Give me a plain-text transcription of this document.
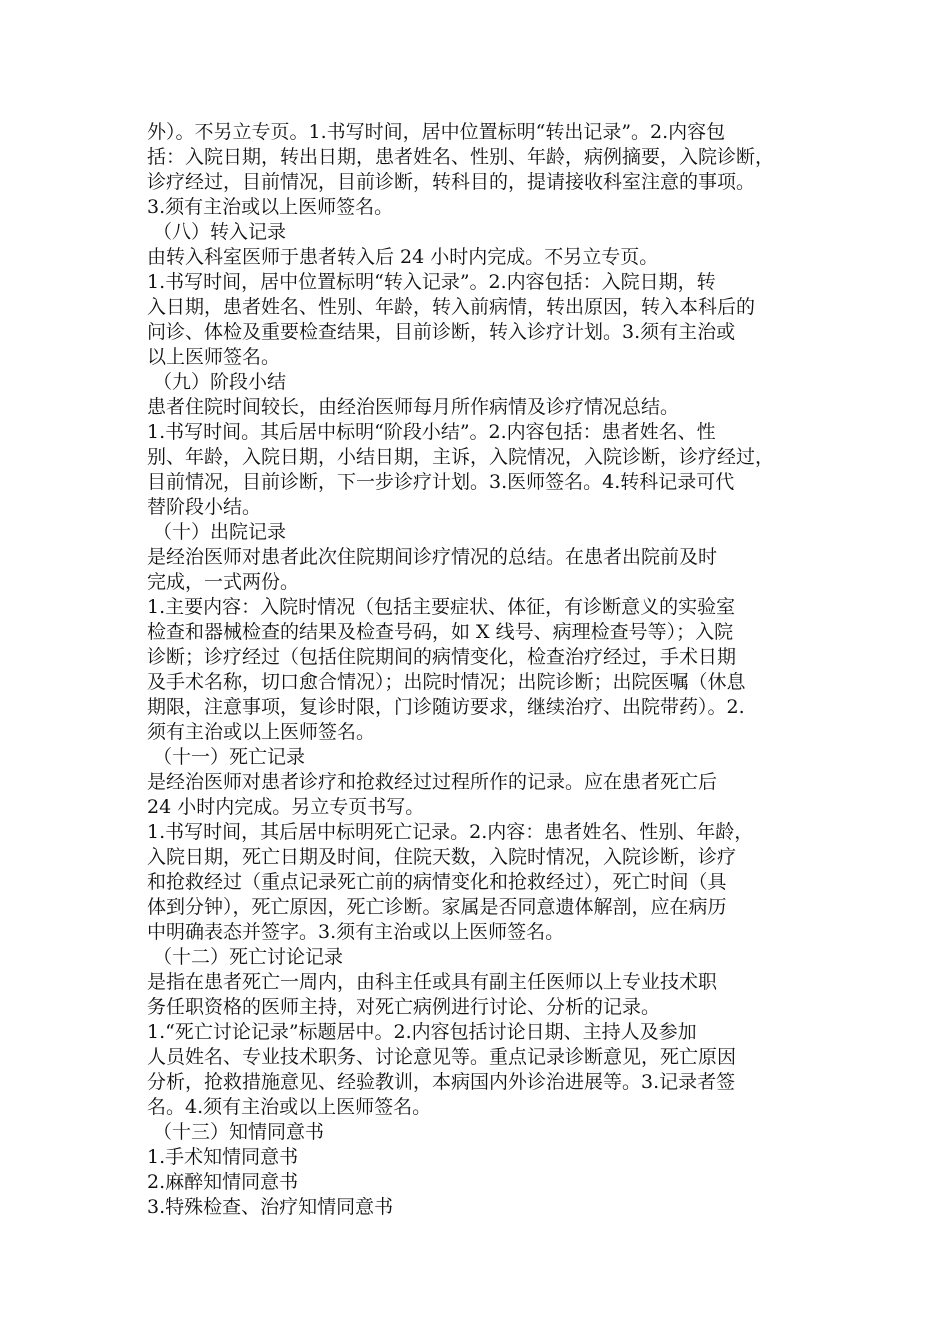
外）。不另立专页。1.书写时间，居中位置标明“转出记录”。2.内容包
括：入院日期，转出日期，患者姓名、性别、年龄，病例摘要，入院诊断，
诊疗经过，目前情况，目前诊断，转科目的，提请接收科室注意的事项。
3.须有主治或以上医师签名。
（八）转入记录
由转入科室医师于患者转入后 24 小时内完成。不另立专页。
1.书写时间，居中位置标明“转入记录”。2.内容包括：入院日期，转
入日期，患者姓名、性别、年龄，转入前病情，转出原因，转入本科后的
问诊、体检及重要检查结果，目前诊断，转入诊疗计划。3.须有主治或
以上医师签名。
（九）阶段小结
患者住院时间较长，由经治医师每月所作病情及诊疗情况总结。
1.书写时间。其后居中标明“阶段小结”。2.内容包括：患者姓名、性
别、年龄，入院日期，小结日期，主诉，入院情况，入院诊断，诊疗经过，
目前情况，目前诊断，下一步诊疗计划。3.医师签名。4.转科记录可代
替阶段小结。
（十）出院记录
是经治医师对患者此次住院期间诊疗情况的总结。在患者出院前及时
完成，一式两份。
1.主要内容：入院时情况（包括主要症状、体征，有诊断意义的实验室
检查和器械检查的结果及检查号码，如 X 线号、病理检查号等）；入院
诊断；诊疗经过（包括住院期间的病情变化，检查治疗经过，手术日期
及手术名称，切口愈合情况）；出院时情况；出院诊断；出院医嘱（休息
期限，注意事项，复诊时限，门诊随访要求，继续治疗、出院带药）。2.
须有主治或以上医师签名。
（十一）死亡记录
是经治医师对患者诊疗和抢救经过过程所作的记录。应在患者死亡后
24 小时内完成。另立专页书写。
1.书写时间，其后居中标明死亡记录。2.内容：患者姓名、性别、年龄，
入院日期，死亡日期及时间，住院天数，入院时情况，入院诊断，诊疗
和抢救经过（重点记录死亡前的病情变化和抢救经过），死亡时间（具
体到分钟），死亡原因，死亡诊断。家属是否同意遗体解剖，应在病历
中明确表态并签字。3.须有主治或以上医师签名。
（十二）死亡讨论记录
是指在患者死亡一周内，由科主任或具有副主任医师以上专业技术职
务任职资格的医师主持，对死亡病例进行讨论、分析的记录。
1.“死亡讨论记录”标题居中。2.内容包括讨论日期、主持人及参加
人员姓名、专业技术职务、讨论意见等。重点记录诊断意见，死亡原因
分析，抢救措施意见、经验教训，本病国内外诊治进展等。3.记录者签
名。4.须有主治或以上医师签名。
（十三）知情同意书
1.手术知情同意书
2.麻醉知情同意书
3.特殊检查、治疗知情同意书
